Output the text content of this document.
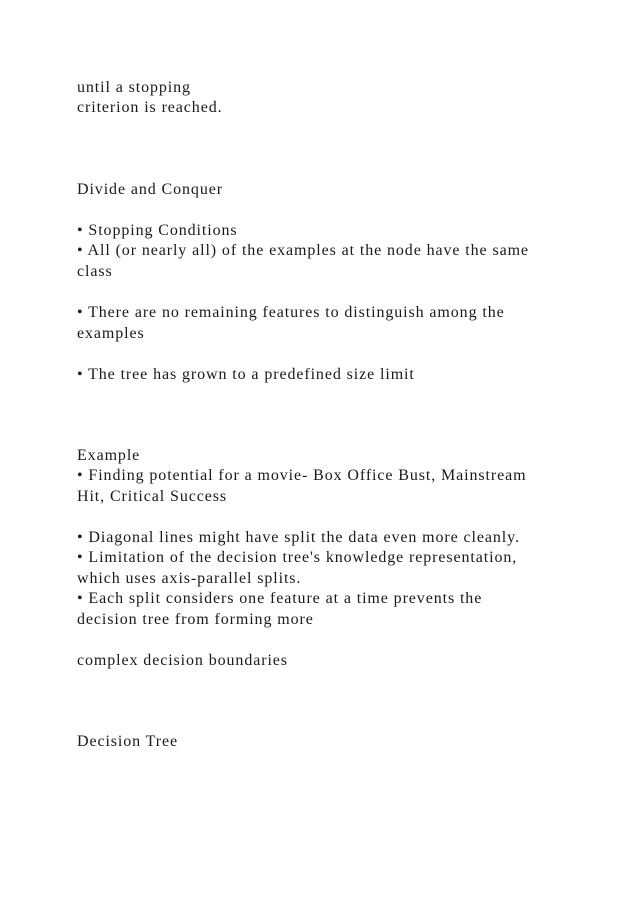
until a stopping
criterion is reached.
Divide and Conquer
• Stopping Conditions
• All (or nearly all) of the examples at the node have the same
class
• There are no remaining features to distinguish among the
examples
• The tree has grown to a predefined size limit
Example
• Finding potential for a movie- Box Office Bust, Mainstream
Hit, Critical Success
• Diagonal lines might have split the data even more cleanly.
• Limitation of the decision tree's knowledge representation,
which uses axis-parallel splits.
• Each split considers one feature at a time prevents the
decision tree from forming more
complex decision boundaries
Decision Tree
